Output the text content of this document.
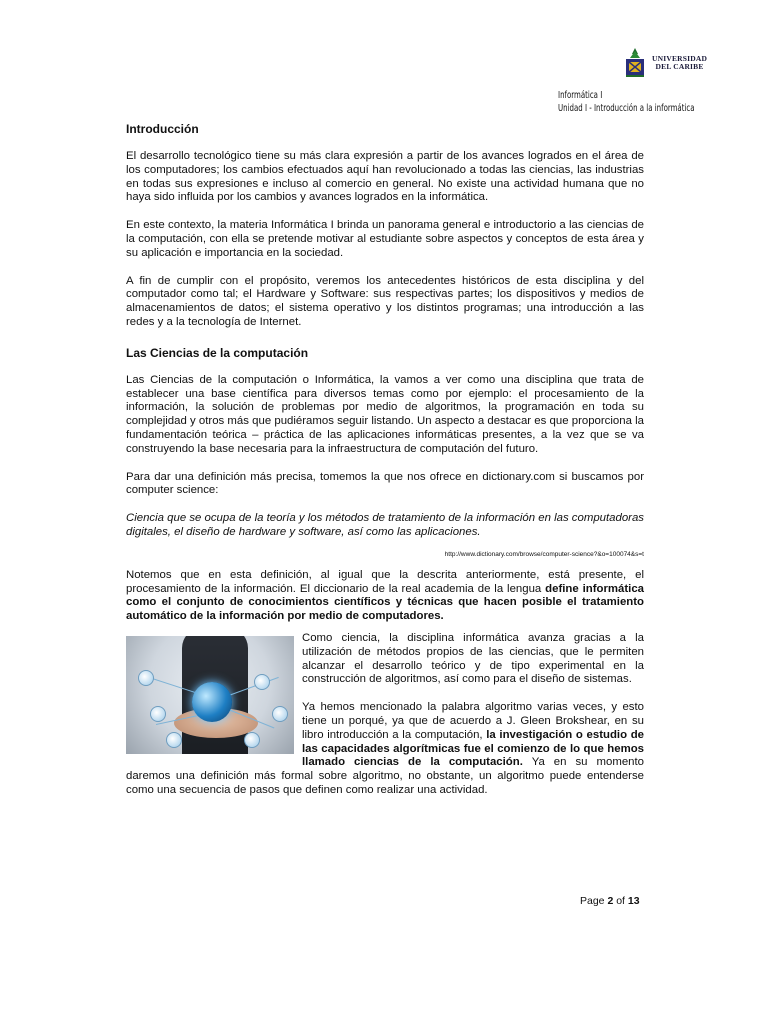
UNIVERSIDAD
DEL CARIBE
Informática I
Unidad I - Introducción a la informática
Introducción

El desarrollo tecnológico tiene su más clara expresión a partir de los avances logrados en el área de los computadores; los cambios efectuados aquí han revolucionado a todas las ciencias, las industrias en todas sus expresiones e incluso al comercio en general. No existe una actividad humana que no haya sido influida por los cambios y avances logrados en la informática.

En este contexto, la materia Informática I brinda un panorama general e introductorio a las ciencias de la computación, con ella se pretende motivar al estudiante sobre aspectos y conceptos de esta área y su aplicación e importancia en la sociedad.

A fin de cumplir con el propósito, veremos los antecedentes históricos de esta disciplina y del computador como tal; el Hardware y Software: sus respectivas partes; los dispositivos y medios de almacenamientos de datos; el sistema operativo y los distintos programas; una introducción a las redes y a la tecnología de Internet.

Las Ciencias de la computación

Las Ciencias de la computación o Informática, la vamos a ver como una disciplina que trata de establecer una base científica para diversos temas como por ejemplo: el procesamiento de la información, la solución de problemas por medio de algoritmos, la programación en toda su complejidad y otros más que pudiéramos seguir listando. Un aspecto a destacar es que proporciona la fundamentación teórica – práctica de las aplicaciones informáticas presentes, a la vez que se va construyendo la base necesaria para la infraestructura de computación del futuro.

Para dar una definición más precisa, tomemos la que nos ofrece en dictionary.com si buscamos por computer science:

Ciencia que se ocupa de la teoría y los métodos de tratamiento de la información en las computadoras digitales, el diseño de hardware y software, así como las aplicaciones.

http://www.dictionary.com/browse/computer-science?&o=100074&s=t

Notemos que en esta definición, al igual que la descrita anteriormente, está presente, el procesamiento de la información. El diccionario de la real academia de la lengua define informática como el conjunto de conocimientos científicos y técnicas que hacen posible el tratamiento automático de la información por medio de computadores.

Como ciencia, la disciplina informática avanza gracias a la utilización de métodos propios de las ciencias, que le permiten alcanzar el desarrollo teórico y de tipo experimental en la construcción de algoritmos, así como para el diseño de sistemas.

Ya hemos mencionado la palabra algoritmo varias veces, y esto tiene un porqué, ya que de acuerdo a J. Gleen Brokshear, en su libro introducción a la computación, la investigación o estudio de las capacidades algorítmicas fue el comienzo de lo que hemos llamado ciencias de la computación. Ya en su momento daremos una definición más formal sobre algoritmo, no obstante, un algoritmo puede entenderse como una secuencia de pasos que definen como realizar una actividad.

Page 2 of 13
